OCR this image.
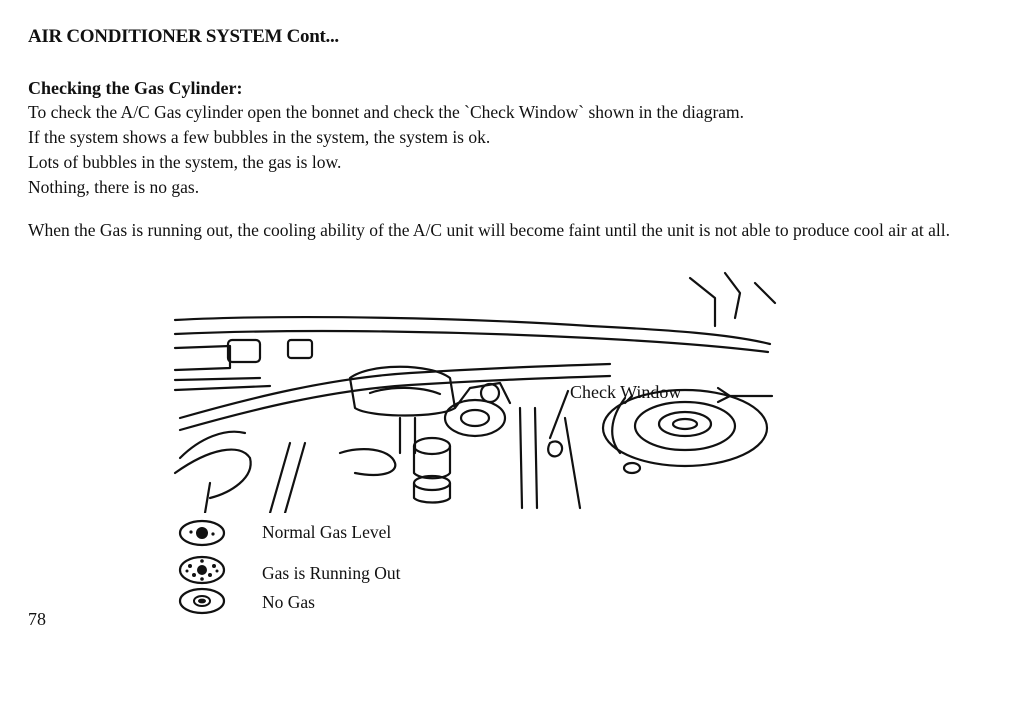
AIR CONDITIONER SYSTEM Cont...
Checking the Gas Cylinder:
To check the A/C Gas cylinder open the bonnet and check the `Check Window` shown in the diagram.
If the system shows a few bubbles in the system, the system is ok.
Lots of bubbles in the system, the gas is low.
Nothing, there is no gas.
When the Gas is running out, the cooling ability of the A/C unit will become faint until the unit is not able to produce cool air at all.
Check Window
Normal Gas Level
Gas is Running Out
No Gas
78
